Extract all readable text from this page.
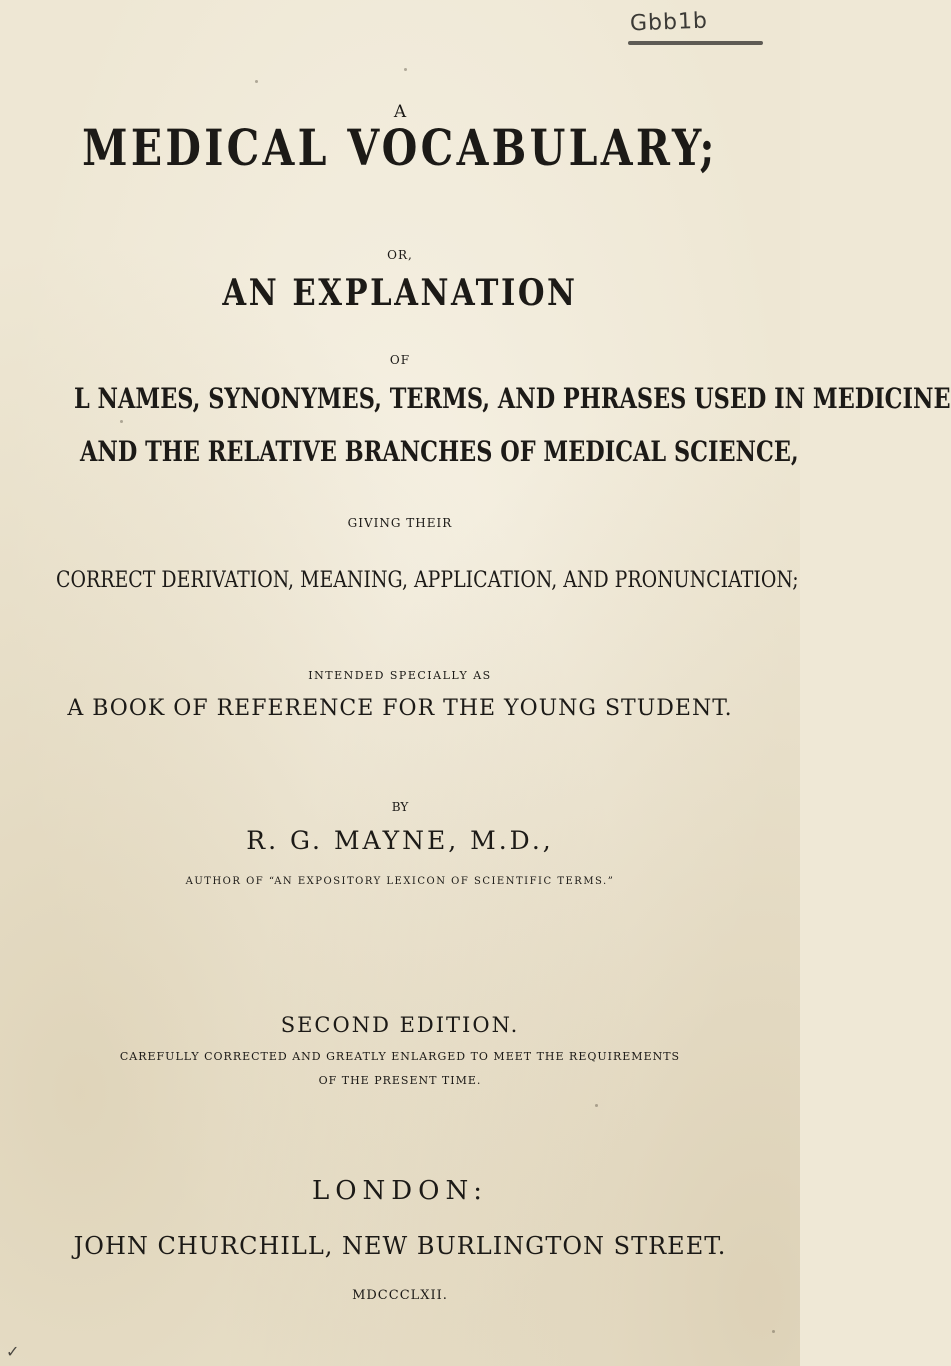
Gbb1b
A
MEDICAL VOCABULARY;
OR,
AN EXPLANATION
OF
L NAMES, SYNONYMES, TERMS, AND PHRASES USED IN MEDICINE
AND THE RELATIVE BRANCHES OF MEDICAL SCIENCE,
GIVING THEIR
CORRECT DERIVATION, MEANING, APPLICATION, AND PRONUNCIATION;
INTENDED SPECIALLY AS
A BOOK OF REFERENCE FOR THE YOUNG STUDENT.
BY
R. G. MAYNE, M.D.,
AUTHOR OF “AN EXPOSITORY LEXICON OF SCIENTIFIC TERMS.”
SECOND EDITION.
CAREFULLY CORRECTED AND GREATLY ENLARGED TO MEET THE REQUIREMENTS
OF THE PRESENT TIME.
LONDON:
JOHN CHURCHILL, NEW BURLINGTON STREET.
MDCCCLXII.
✓
